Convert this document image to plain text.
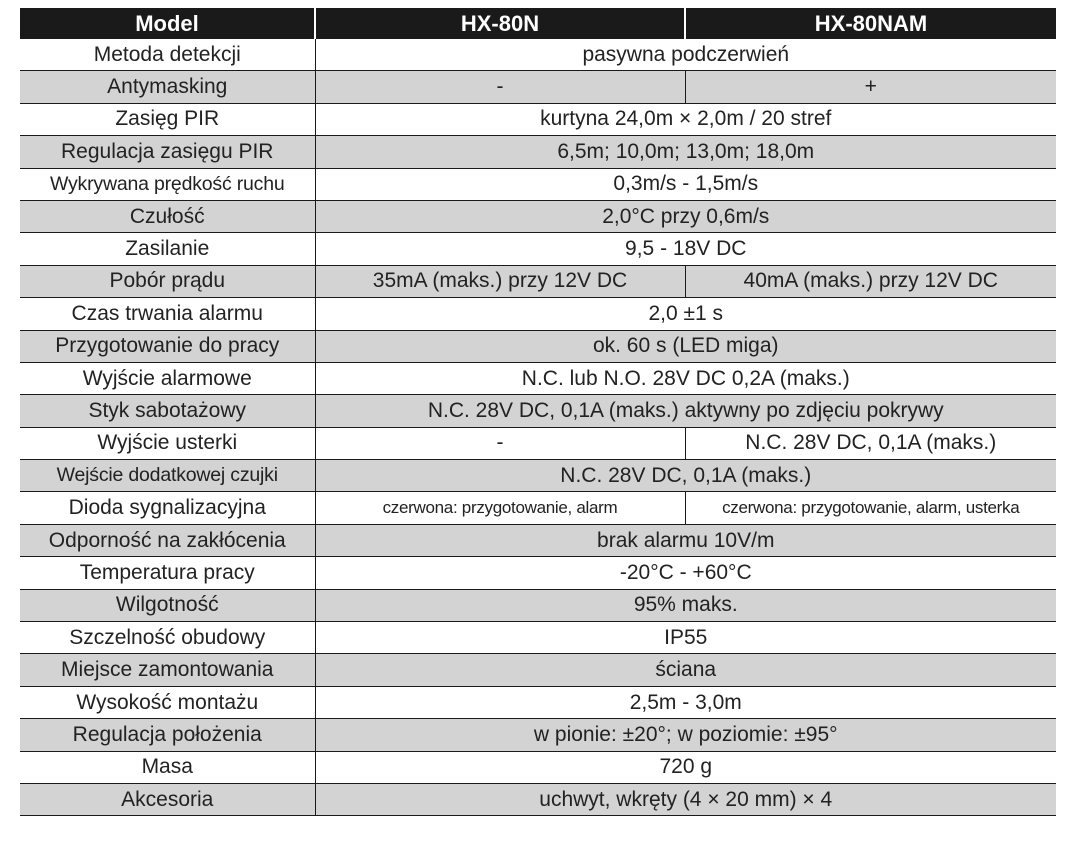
Model	HX-80N	HX-80NAM
Metoda detekcji	pasywna podczerwień	
Antymasking	-	+
Zasięg PIR	kurtyna 24,0m × 2,0m / 20 stref	
Regulacja zasięgu PIR	6,5m; 10,0m; 13,0m; 18,0m	
Wykrywana prędkość ruchu	0,3m/s - 1,5m/s	
Czułość	2,0°C przy 0,6m/s	
Zasilanie	9,5 - 18V DC	
Pobór prądu	35mA (maks.) przy 12V DC	40mA (maks.) przy 12V DC
Czas trwania alarmu	2,0 ±1 s	
Przygotowanie do pracy	ok. 60 s (LED miga)	
Wyjście alarmowe	N.C. lub N.O. 28V DC 0,2A (maks.)	
Styk sabotażowy	N.C. 28V DC, 0,1A (maks.) aktywny po zdjęciu pokrywy	
Wyjście usterki	-	N.C. 28V DC, 0,1A (maks.)
Wejście dodatkowej czujki	N.C. 28V DC, 0,1A (maks.)	
Dioda sygnalizacyjna	czerwona: przygotowanie, alarm	czerwona: przygotowanie, alarm, usterka
Odporność na zakłócenia	brak alarmu 10V/m	
Temperatura pracy	-20°C - +60°C	
Wilgotność	95% maks.	
Szczelność obudowy	IP55	
Miejsce zamontowania	ściana	
Wysokość montażu	2,5m - 3,0m	
Regulacja położenia	w pionie: ±20°; w poziomie: ±95°	
Masa	720 g	
Akcesoria	uchwyt, wkręty (4 × 20 mm) × 4	
